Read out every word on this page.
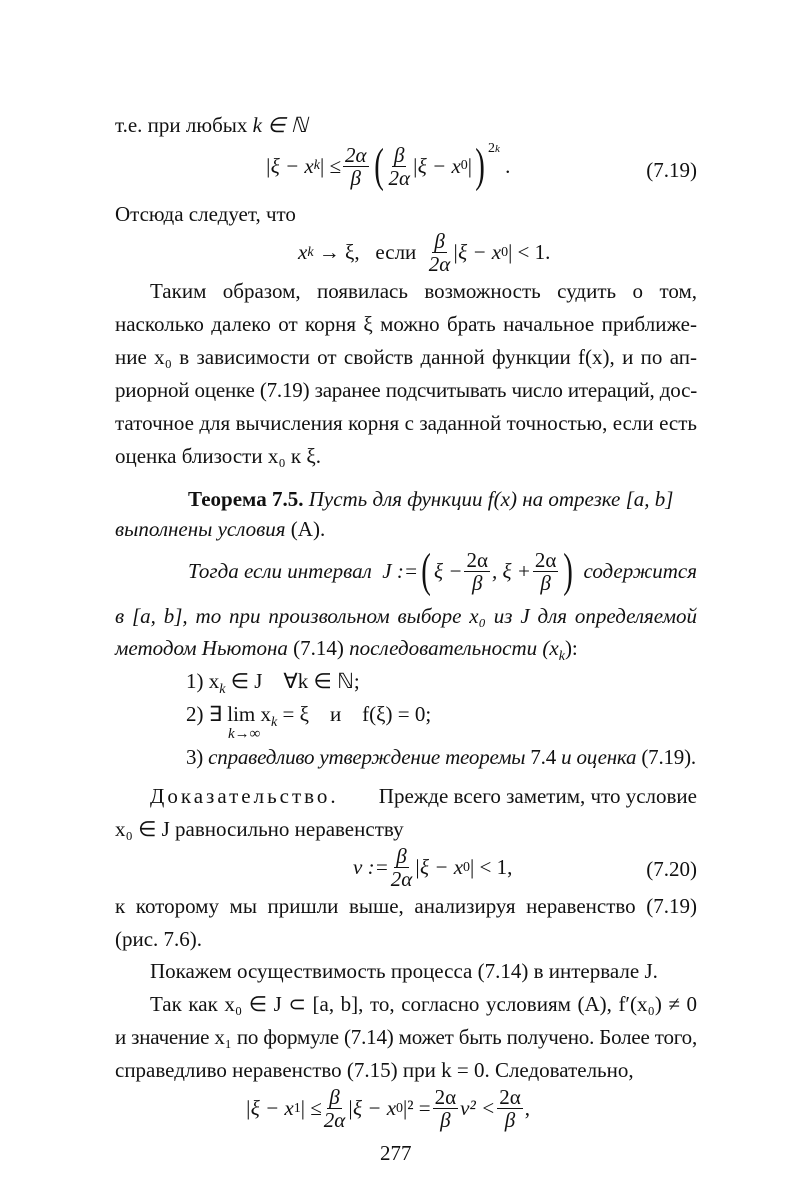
т.е. при любых k ∈ ℕ
|ξ − x k | ≤ $\frac{2\alpha}{\beta}$ ( $\frac{\beta}{2\alpha} |\xi - x$ 0 | ) 2$^k$
.	(7.19)
Отсюда следует, что
x k → ξ,   если
$\frac{\beta}{2\alpha} |\xi - x$ 0 | < 1.
Таким образом, появилась возможность судить о том,
насколько далеко от корня ξ можно брать начальное приближе-
ние x₀ в зависимости от свойств данной функции f(x), и по ап-
риорной оценке (7.19) заранее подсчитывать число итераций, дос-
таточное для вычисления корня с заданной точностью, если есть
оценка близости x₀ к ξ.
Теорема 7.5. Пусть для функции f(x) на отрезке [a, b]
выполнены условия (A).
Тогда если интервал  J := ( $\xi - \frac{2\alpha}{\beta}$ , $\xi + \frac{2\alpha}{\beta}$ ) содержится
в [a, b], то при произвольном выборе x₀ из J для определяемой
методом Ньютона (7.14) последовательности $(x_k)$:
1) $x_k$ ∈ J    ∀k ∈ ℕ;
2) ∃ $\lim x_k = \xi$    и    f(ξ) = 0;
k→∞
3) справедливо утверждение теоремы 7.4 и оценка (7.19).
Доказательство. Прежде всего заметим, что условие
x₀ ∈ J равносильно неравенству
ν := $\frac{\beta}{2\alpha} |\xi - x$ 0 | < 1,	(7.20)
к которому мы пришли выше, анализируя неравенство (7.19)
(рис. 7.6).
Покажем осуществимость процесса (7.14) в интервале J.
Так как x₀ ∈ J ⊂ [a, b], то, согласно условиям (A), f′(x₀) ≠ 0
и значение x₁ по формуле (7.14) может быть получено. Более того,
справедливо неравенство (7.15) при k = 0. Следовательно,
|ξ − x 1 | ≤ $\frac{\beta}{2\alpha} |\xi - x$ 0 $|^2 = \frac{2\alpha}{\beta} \nu^2 < \frac{2\alpha}{\beta}$ ,
277
